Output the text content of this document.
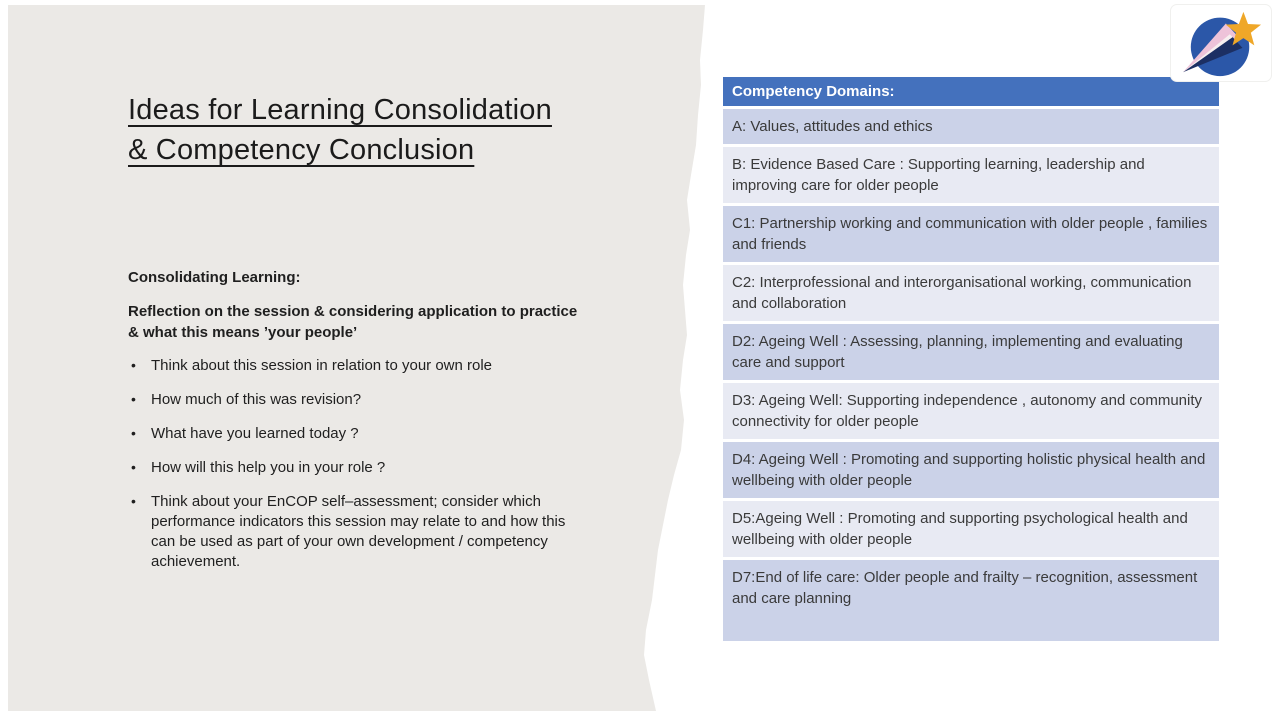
Ideas for Learning Consolidation
& Competency Conclusion
Consolidating Learning:
Reflection on the session & considering application to practice & what this means ’your people’
• Think about this session in relation to your own role
• How much of this was revision?
• What have you learned today ?
• How will this help you in your role ?
• Think about your EnCOP self–assessment; consider which performance indicators this session may relate to and how this can be used as part of your own development / competency achievement.
Competency Domains:
A: Values, attitudes and ethics
B: Evidence Based Care : Supporting learning, leadership and improving care for older people
C1: Partnership working and communication with older people , families and friends
C2: Interprofessional and interorganisational working, communication and collaboration
D2: Ageing Well : Assessing, planning, implementing and evaluating care and support
D3: Ageing Well: Supporting independence , autonomy and community connectivity for older people
D4: Ageing Well : Promoting and supporting holistic physical health and wellbeing with older people
D5:Ageing Well : Promoting and supporting psychological health and wellbeing with older people
D7:End of life care: Older people and frailty – recognition, assessment and care planning
